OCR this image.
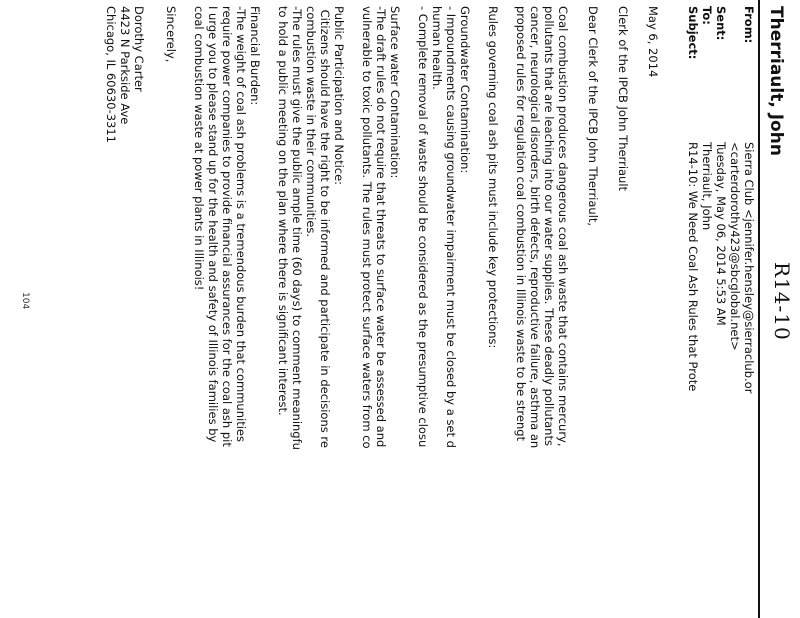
Therriault, John
R14-10
From:
Sierra Club <jennifer.hensley@sierraclub.or
<carterdorothy423@sbcglobal.net>
Sent:
Tuesday, May 06, 2014 5:53 AM
To:
Therriault, John
Subject:
R14-10: We Need Coal Ash Rules that Prote
May 6, 2014
Clerk of the IPCB John Therriault
Dear Clerk of the IPCB John Therriault,
Coal combustion produces dangerous coal ash waste that contains mercury,
pollutants that are leaching into our water supplies. These deadly pollutants
cancer, neurological disorders, birth defects, reproductive failure, asthma an
proposed rules for regulation coal combustion in Illinois waste to be strengt
Rules governing coal ash pits must include key protections:
Groundwater Contamination:
- Impoundments causing groundwater impairment must be closed by a set d
human health.
- Complete removal of waste should be considered as the presumptive closu
Surface water Contamination:
-The draft rules do not require that threats to surface water be assessed and
vulnerable to toxic pollutants. The rules must protect surface waters from co
Public Participation and Notice:
Citizens should have the right to be informed and participate in decisions re
combustion waste in their communities.
-The rules must give the public ample time (60 days) to comment meaningfu
to hold a public meeting on the plan where there is significant interest.
Financial Burden:
-The weight of coal ash problems is a tremendous burden that communities
require power companies to provide financial assurances for the coal ash pit
I urge you to please stand up for the health and safety of Illinois families by
coal combustion waste at power plants in Illinois!
Sincerely,
Dorothy Carter
4423 N Parkside Ave
Chicago, IL 60630-3311
104
